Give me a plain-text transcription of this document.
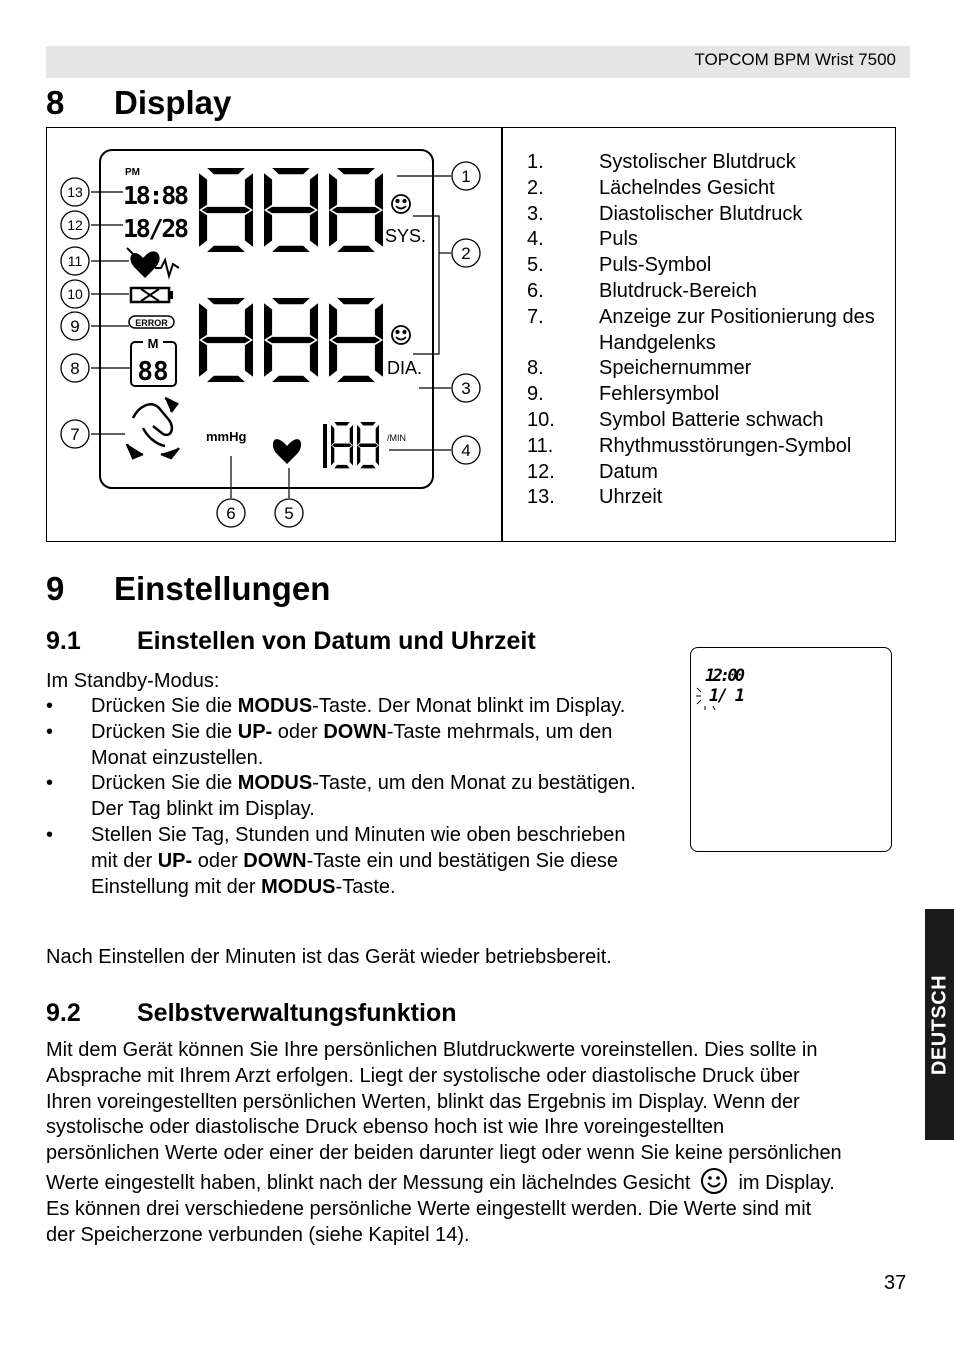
TOPCOM BPM Wrist 7500
8 Display
PM
18:88
18/28
ERROR
M
88
SYS.
DIA.
mmHg	/MIN
1
2
3
4
5
6
7
8
9
10
11
12
13
1.	Systolischer Blutdruck
2.	Lächelndes Gesicht
3.	Diastolischer Blutdruck
4.	Puls
5.	Puls-Symbol
6.	Blutdruck-Bereich
7.	Anzeige zur Positionierung des Handgelenks
8.	Speichernummer
9.	Fehlersymbol
10. Symbol Batterie schwach
11. Rhythmusstörungen-Symbol
12. Datum
13. Uhrzeit
9 Einstellungen
9.1 Einstellen von Datum und Uhrzeit
Im Standby-Modus:
• Drücken Sie die MODUS-Taste. Der Monat blinkt im Display.
• Drücken Sie die UP- oder DOWN-Taste mehrmals, um den Monat einzustellen.
• Drücken Sie die MODUS-Taste, um den Monat zu bestätigen. Der Tag blinkt im Display.
• Stellen Sie Tag, Stunden und Minuten wie oben beschrieben mit der UP- oder DOWN-Taste ein und bestätigen Sie diese Einstellung mit der MODUS-Taste.
Nach Einstellen der Minuten ist das Gerät wieder betriebsbereit.
12:00
1/ 1
9.2 Selbstverwaltungsfunktion
Mit dem Gerät können Sie Ihre persönlichen Blutdruckwerte voreinstellen. Dies sollte in
Absprache mit Ihrem Arzt erfolgen. Liegt der systolische oder diastolische Druck über
Ihren voreingestellten persönlichen Werten, blinkt das Ergebnis im Display. Wenn der
systolische oder diastolische Druck ebenso hoch ist wie Ihre voreingestellten
persönlichen Werte oder einer der beiden darunter liegt oder wenn Sie keine persönlichen
Werte eingestellt haben, blinkt nach der Messung ein lächelndes Gesicht im Display.
Es können drei verschiedene persönliche Werte eingestellt werden. Die Werte sind mit
der Speicherzone verbunden (siehe Kapitel 14).
DEUTSCH
37
